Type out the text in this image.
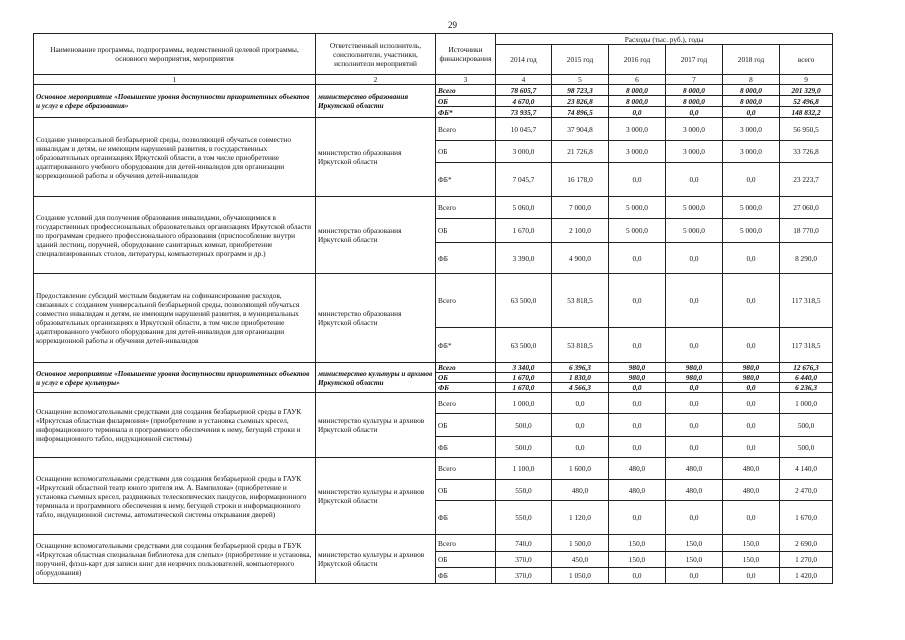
29
Наименование программы, подпрограммы, ведомственной целевой программы, основного мероприятия, мероприятия	Ответственный исполнитель, соисполнители, участники, исполнители мероприятий	Источники финансирования	Расходы (тыс. руб.), годы					
			2014 год	2015 год	2016 год	2017 год	2018 год	всего
1	2	3	4	5	6	7	8	9
Основное мероприятие «Повышение уровня доступности приоритетных объектов и услуг в сфере образования»	министерство образования Иркутской области	Всего	78 605,7	98 723,3	8 000,0	8 000,0	8 000,0	201 329,0
		ОБ	4 670,0	23 826,8	8 000,0	8 000,0	8 000,0	52 496,8
		ФБ*	73 935,7	74 896,5	0,0	0,0	0,0	148 832,2
Создание универсальной безбарьерной среды, позволяющей обучаться совместно инвалидам и детям, не имеющим нарушений развития, в государственных образовательных организациях Иркутской области, в том числе приобретение адаптированного учебного оборудования для детей-инвалидов для организации коррекционной работы и обучения детей-инвалидов	министерство образования Иркутской области	Всего	10 045,7	37 904,8	3 000,0	3 000,0	3 000,0	56 950,5
		ОБ	3 000,0	21 726,8	3 000,0	3 000,0	3 000,0	33 726,8
		ФБ*	7 045,7	16 178,0	0,0	0,0	0,0	23 223,7
Создание условий для получения образования инвалидами, обучающимися в государственных профессиональных образовательных организациях Иркутской области по программам среднего профессионального образования (приспособление внутри зданий лестниц, поручней, оборудование санитарных комнат, приобретение специализированных столов, литературы, компьютерных программ и др.)	министерство образования Иркутской области	Всего	5 060,0	7 000,0	5 000,0	5 000,0	5 000,0	27 060,0
		ОБ	1 670,0	2 100,0	5 000,0	5 000,0	5 000,0	18 770,0
		ФБ	3 390,0	4 900,0	0,0	0,0	0,0	8 290,0
Предоставление субсидий местным бюджетам на софинансирование расходов, связанных с созданием универсальной безбарьерной среды, позволяющей обучаться совместно инвалидам и детям, не имеющим нарушений развития, в муниципальных образовательных организациях в Иркутской области, в том числе приобретение адаптированного учебного оборудования для детей-инвалидов для организации коррекционной работы и обучения детей-инвалидов	министерство образования Иркутской области	Всего	63 500,0	53 818,5	0,0	0,0	0,0	117 318,5
		ФБ*	63 500,0	53 818,5	0,0	0,0	0,0	117 318,5
Основное мероприятие «Повышение уровня доступности приоритетных объектов и услуг в сфере культуры»	министерство культуры и архивов Иркутской области	Всего	3 340,0	6 396,3	980,0	980,0	980,0	12 676,3
		ОБ	1 670,0	1 830,0	980,0	980,0	980,0	6 440,0
		ФБ	1 670,0	4 566,3	0,0	0,0	0,0	6 236,3
Оснащение вспомогательными средствами для создания безбарьерной среды в ГАУК «Иркутская областная филармония» (приобретение и установка съемных кресел, информационного терминала и программного обеспечения к нему, бегущей строки и информационного табло, индукционной системы)	министерство культуры и архивов Иркутской области	Всего	1 000,0	0,0	0,0	0,0	0,0	1 000,0
		ОБ	500,0	0,0	0,0	0,0	0,0	500,0
		ФБ	500,0	0,0	0,0	0,0	0,0	500,0
Оснащение вспомогательными средствами для создания безбарьерной среды в ГАУК «Иркутский областной театр юного зрителя им. А. Вампилова» (приобретение и установка съемных кресел, раздвижных телескопических пандусов, информационного терминала и программного обеспечения к нему, бегущей строки и информационного табло, индукционной системы, автоматической системы открывания дверей)	министерство культуры и архивов Иркутской области	Всего	1 100,0	1 600,0	480,0	480,0	480,0	4 140,0
		ОБ	550,0	480,0	480,0	480,0	480,0	2 470,0
		ФБ	550,0	1 120,0	0,0	0,0	0,0	1 670,0
Оснащение вспомогательными средствами для создания безбарьерной среды в ГБУК «Иркутская областная специальная библиотека для слепых» (приобретение и установка, поручней, флэш-карт для записи книг для незрячих пользователей, компьютерного оборудования)	министерство культуры и архивов Иркутской области	Всего	740,0	1 500,0	150,0	150,0	150,0	2 690,0
		ОБ	370,0	450,0	150,0	150,0	150,0	1 270,0
		ФБ	370,0	1 050,0	0,0	0,0	0,0	1 420,0
